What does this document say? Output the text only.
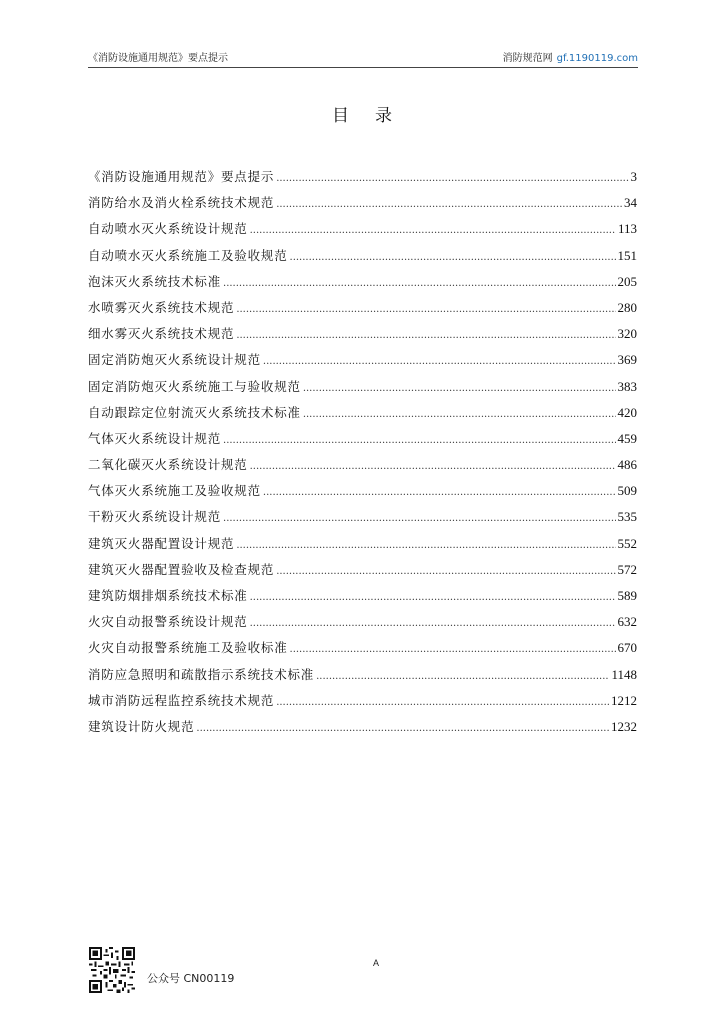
《消防设施通用规范》要点提示	消防规范网 gf.1190119.com
目录
《消防设施通用规范》要点提示 .....	3
消防给水及消火栓系统技术规范 .....	34
自动喷水灭火系统设计规范 .....	113
自动喷水灭火系统施工及验收规范 .....	151
泡沫灭火系统技术标准 .....	205
水喷雾灭火系统技术规范 .....	280
细水雾灭火系统技术规范 .....	320
固定消防炮灭火系统设计规范 .....	369
固定消防炮灭火系统施工与验收规范 .....	383
自动跟踪定位射流灭火系统技术标准 .....	420
气体灭火系统设计规范 .....	459
二氧化碳灭火系统设计规范 .....	486
气体灭火系统施工及验收规范 .....	509
干粉灭火系统设计规范 .....	535
建筑灭火器配置设计规范 .....	552
建筑灭火器配置验收及检查规范 .....	572
建筑防烟排烟系统技术标准 .....	589
火灾自动报警系统设计规范 .....	632
火灾自动报警系统施工及验收标准 .....	670
消防应急照明和疏散指示系统技术标准 .....	1148
城市消防远程监控系统技术规范 .....	1212
建筑设计防火规范 .....	1232
A
公众号 CN00119
